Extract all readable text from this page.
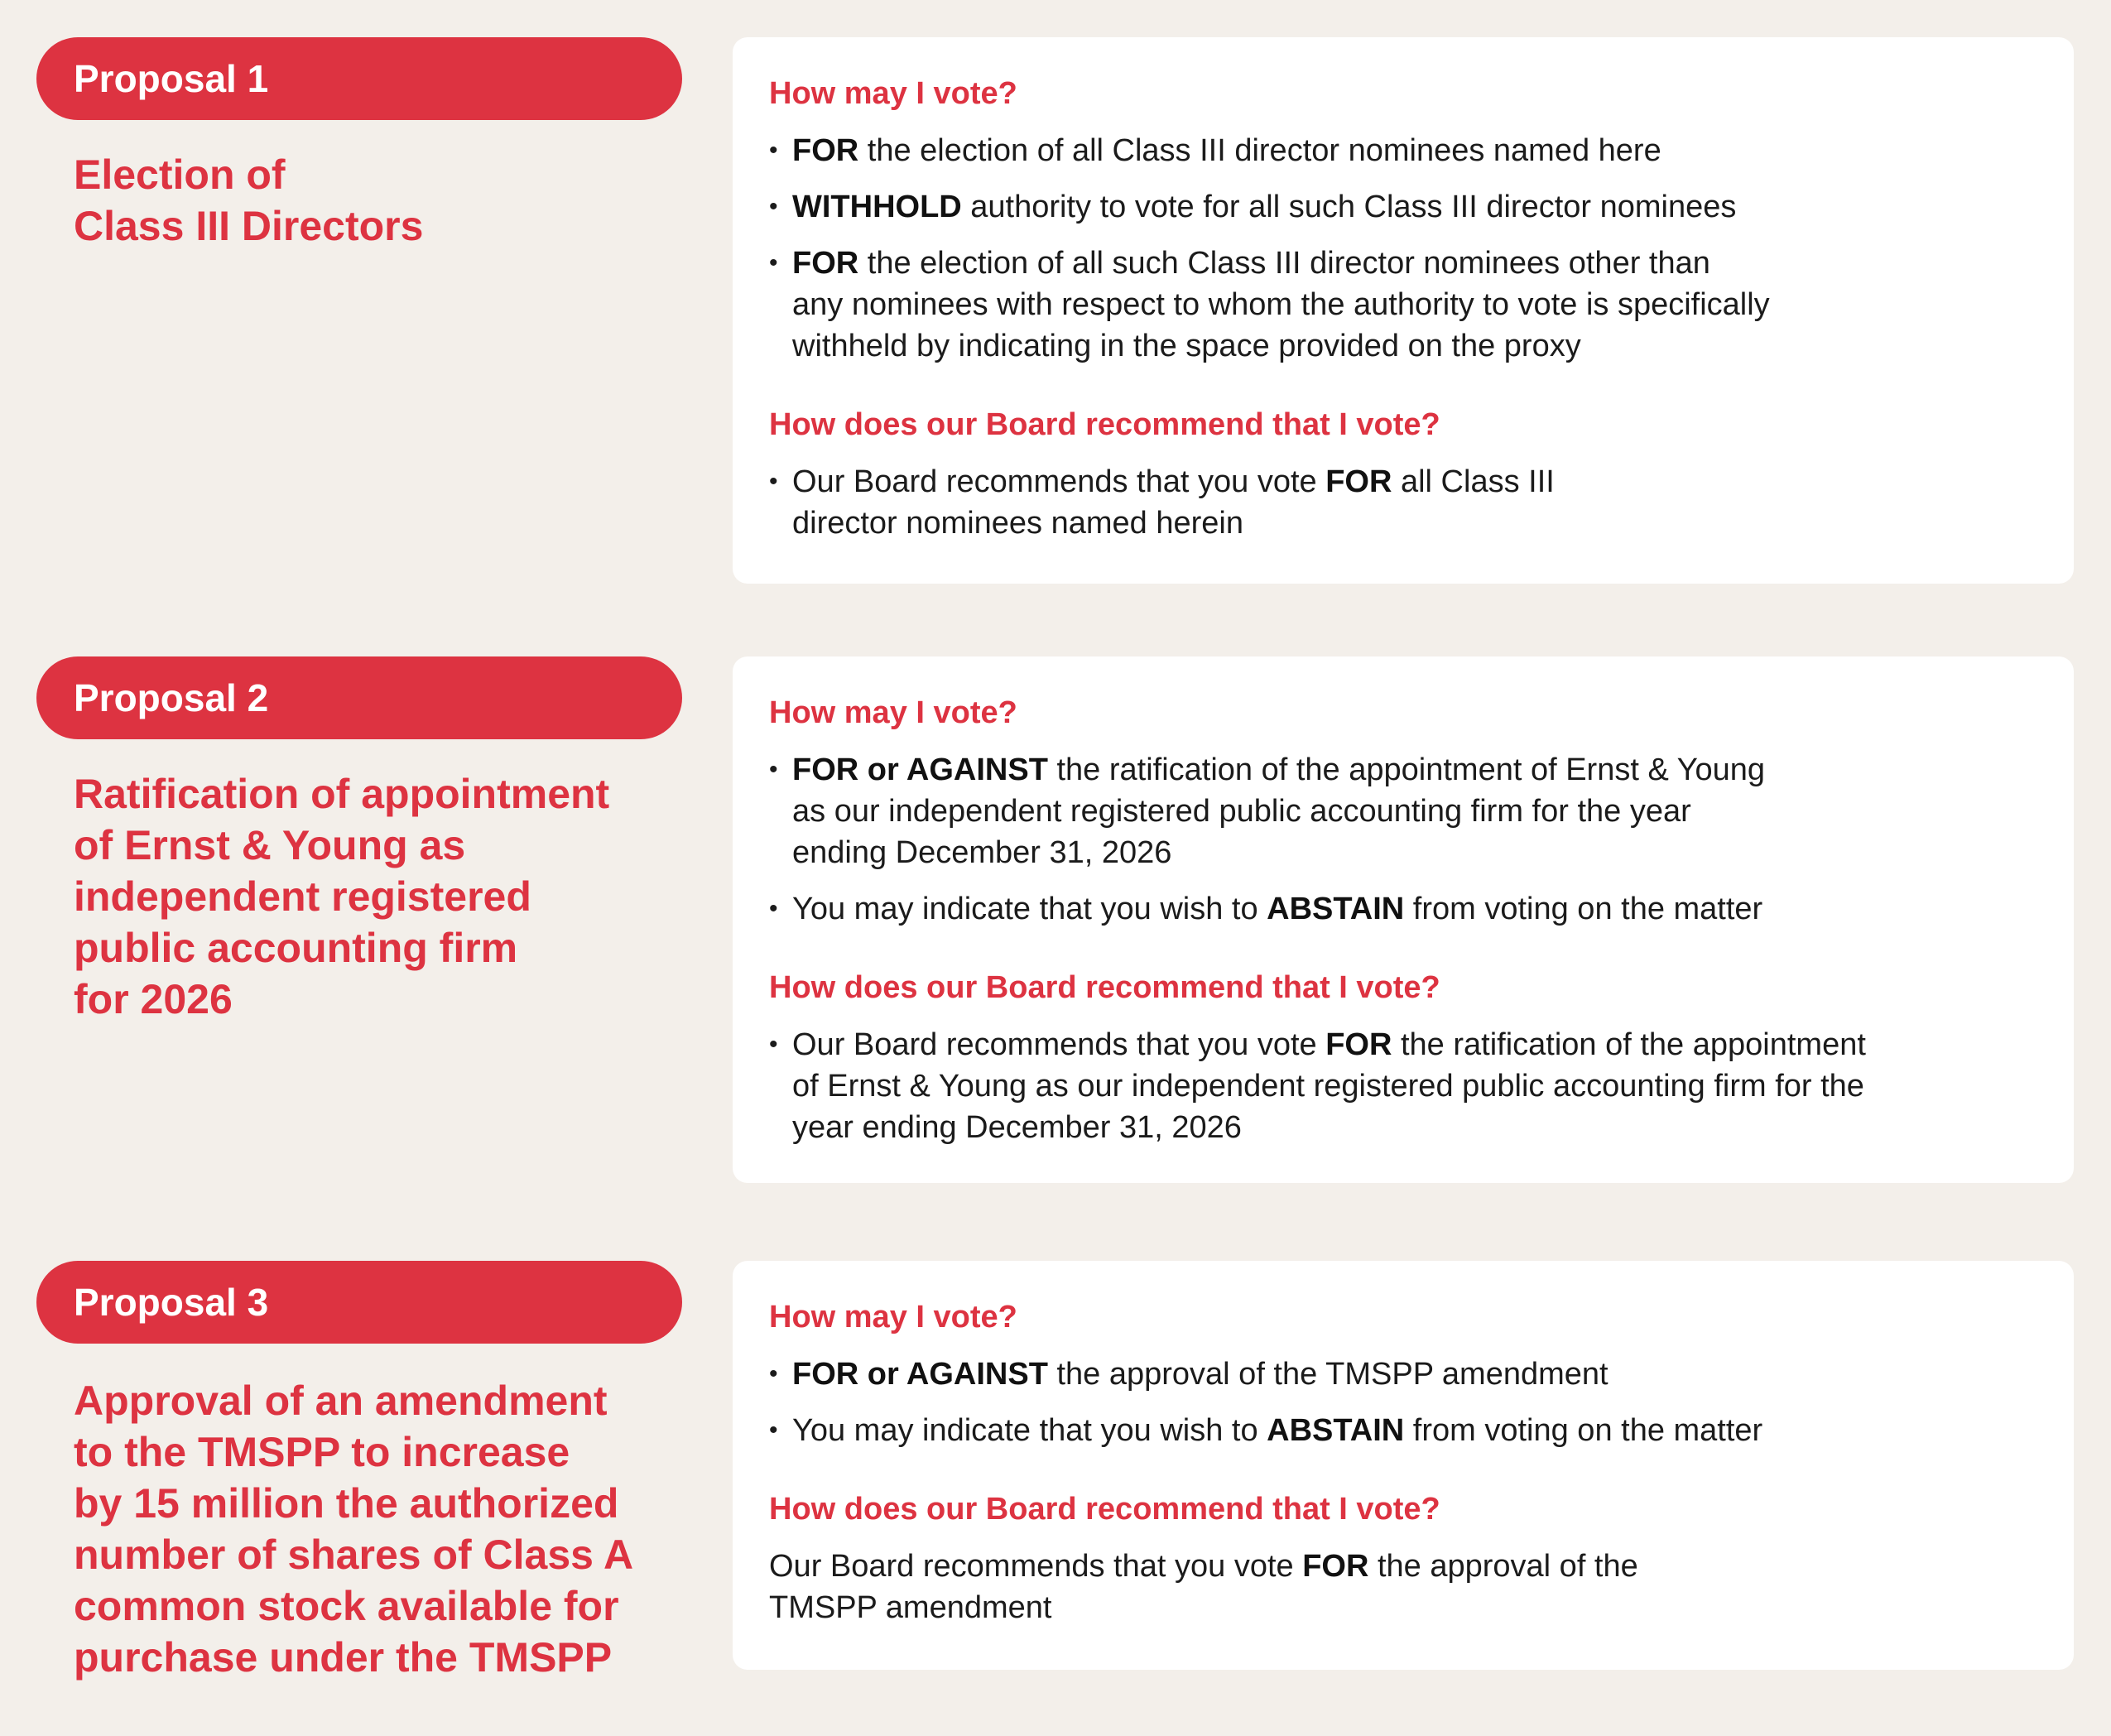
Proposal 1
Election of
Class III Directors
How may I vote?
• FOR the election of all Class III director nominees named here
• WITHHOLD authority to vote for all such Class III director nominees
• FOR the election of all such Class III director nominees other than
any nominees with respect to whom the authority to vote is specifically
withheld by indicating in the space provided on the proxy
How does our Board recommend that I vote?
• Our Board recommends that you vote FOR all Class III
director nominees named herein
Proposal 2
Ratification of appointment
of Ernst & Young as
independent registered
public accounting firm
for 2026
How may I vote?
• FOR or AGAINST the ratification of the appointment of Ernst & Young
as our independent registered public accounting firm for the year
ending December 31, 2026
• You may indicate that you wish to ABSTAIN from voting on the matter
How does our Board recommend that I vote?
• Our Board recommends that you vote FOR the ratification of the appointment
of Ernst & Young as our independent registered public accounting firm for the
year ending December 31, 2026
Proposal 3
Approval of an amendment
to the TMSPP to increase
by 15 million the authorized
number of shares of Class A
common stock available for
purchase under the TMSPP
How may I vote?
• FOR or AGAINST the approval of the TMSPP amendment
• You may indicate that you wish to ABSTAIN from voting on the matter
How does our Board recommend that I vote?
Our Board recommends that you vote FOR the approval of the
TMSPP amendment
